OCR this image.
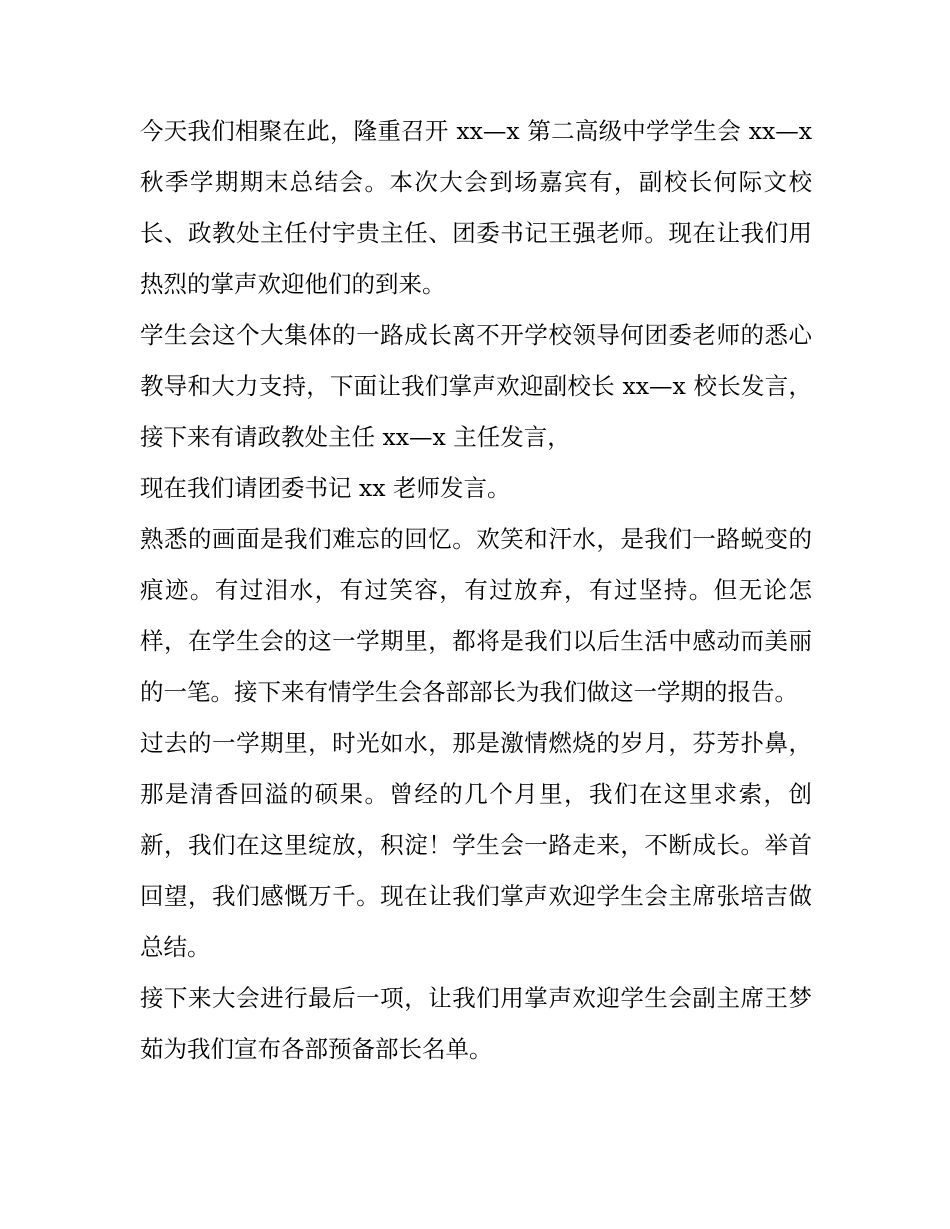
今天我们相聚在此，隆重召开 xx—x 第二高级中学学生会 xx—x 秋季学期期末总结会。本次大会到场嘉宾有，副校长何际文校长、政教处主任付宇贵主任、团委书记王强老师。现在让我们用热烈的掌声欢迎他们的到来。

学生会这个大集体的一路成长离不开学校领导何团委老师的悉心教导和大力支持，下面让我们掌声欢迎副校长 xx—x 校长发言， 接下来有请政教处主任 xx—x 主任发言，

现在我们请团委书记 xx 老师发言。

熟悉的画面是我们难忘的回忆。欢笑和汗水，是我们一路蜕变的痕迹。有过泪水，有过笑容，有过放弃，有过坚持。但无论怎样，在学生会的这一学期里，都将是我们以后生活中感动而美丽的一笔。接下来有情学生会各部部长为我们做这一学期的报告。

过去的一学期里，时光如水，那是激情燃烧的岁月，芬芳扑鼻，那是清香回溢的硕果。曾经的几个月里，我们在这里求索，创新，我们在这里绽放，积淀！学生会一路走来，不断成长。举首回望，我们感慨万千。现在让我们掌声欢迎学生会主席张培吉做总结。

接下来大会进行最后一项，让我们用掌声欢迎学生会副主席王梦茹为我们宣布各部预备部长名单。
